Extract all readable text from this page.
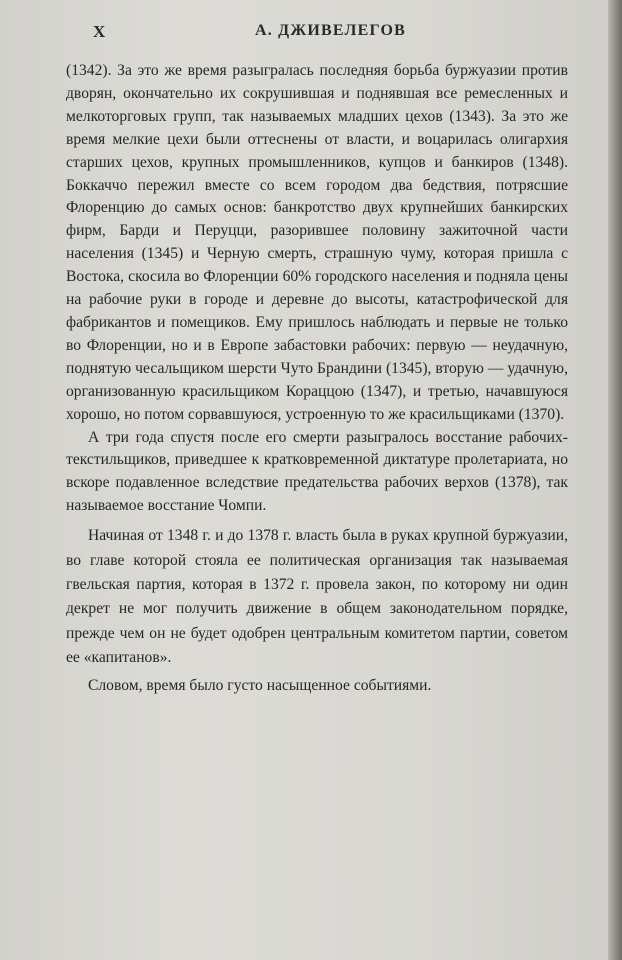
X	А. ДЖИВЕЛЕГОВ

(1342). За это же время разыгралась последняя борьба буржуазии против дворян, окончательно их сокрушившая и поднявшая все ремесленных и мелкоторговых групп, так называемых младших цехов (1343). За это же время мелкие цехи были оттеснены от власти, и воцарилась олигархия старших цехов, крупных промышленников, купцов и банкиров (1348). Боккаччо пережил вместе со всем городом два бедствия, потрясшие Флоренцию до самых основ: банкротство двух крупнейших банкирских фирм, Барди и Перуцци, разорившее половину зажиточной части населения (1345) и Черную смерть, страшную чуму, которая пришла с Востока, скосила во Флоренции 60% городского населения и подняла цены на рабочие руки в городе и деревне до высоты, катастрофической для фабрикантов и помещиков. Ему пришлось наблюдать и первые не только во Флоренции, но и в Европе забастовки рабочих: первую — неудачную, поднятую чесальщиком шерсти Чуто Брандини (1345), вторую — удачную, организованную красильщиком Кораццою (1347), и третью, начавшуюся хорошо, но потом сорвавшуюся, устроенную то же красильщиками (1370).

А три года спустя после его смерти разыгралось восстание рабочих-текстильщиков, приведшее к кратковременной диктатуре пролетариата, но вскоре подавленное вследствие предательства рабочих верхов (1378), так называемое восстание Чомпи.

Начиная от 1348 г. и до 1378 г. власть была в руках крупной буржуазии, во главе которой стояла ее политическая организация так называемая гвельская партия, которая в 1372 г. провела закон, по которому ни один декрет не мог получить движение в общем законодательном порядке, прежде чем он не будет одобрен центральным комитетом партии, советом ее «капитанов».

Словом, время было густо насыщенное событиями.
